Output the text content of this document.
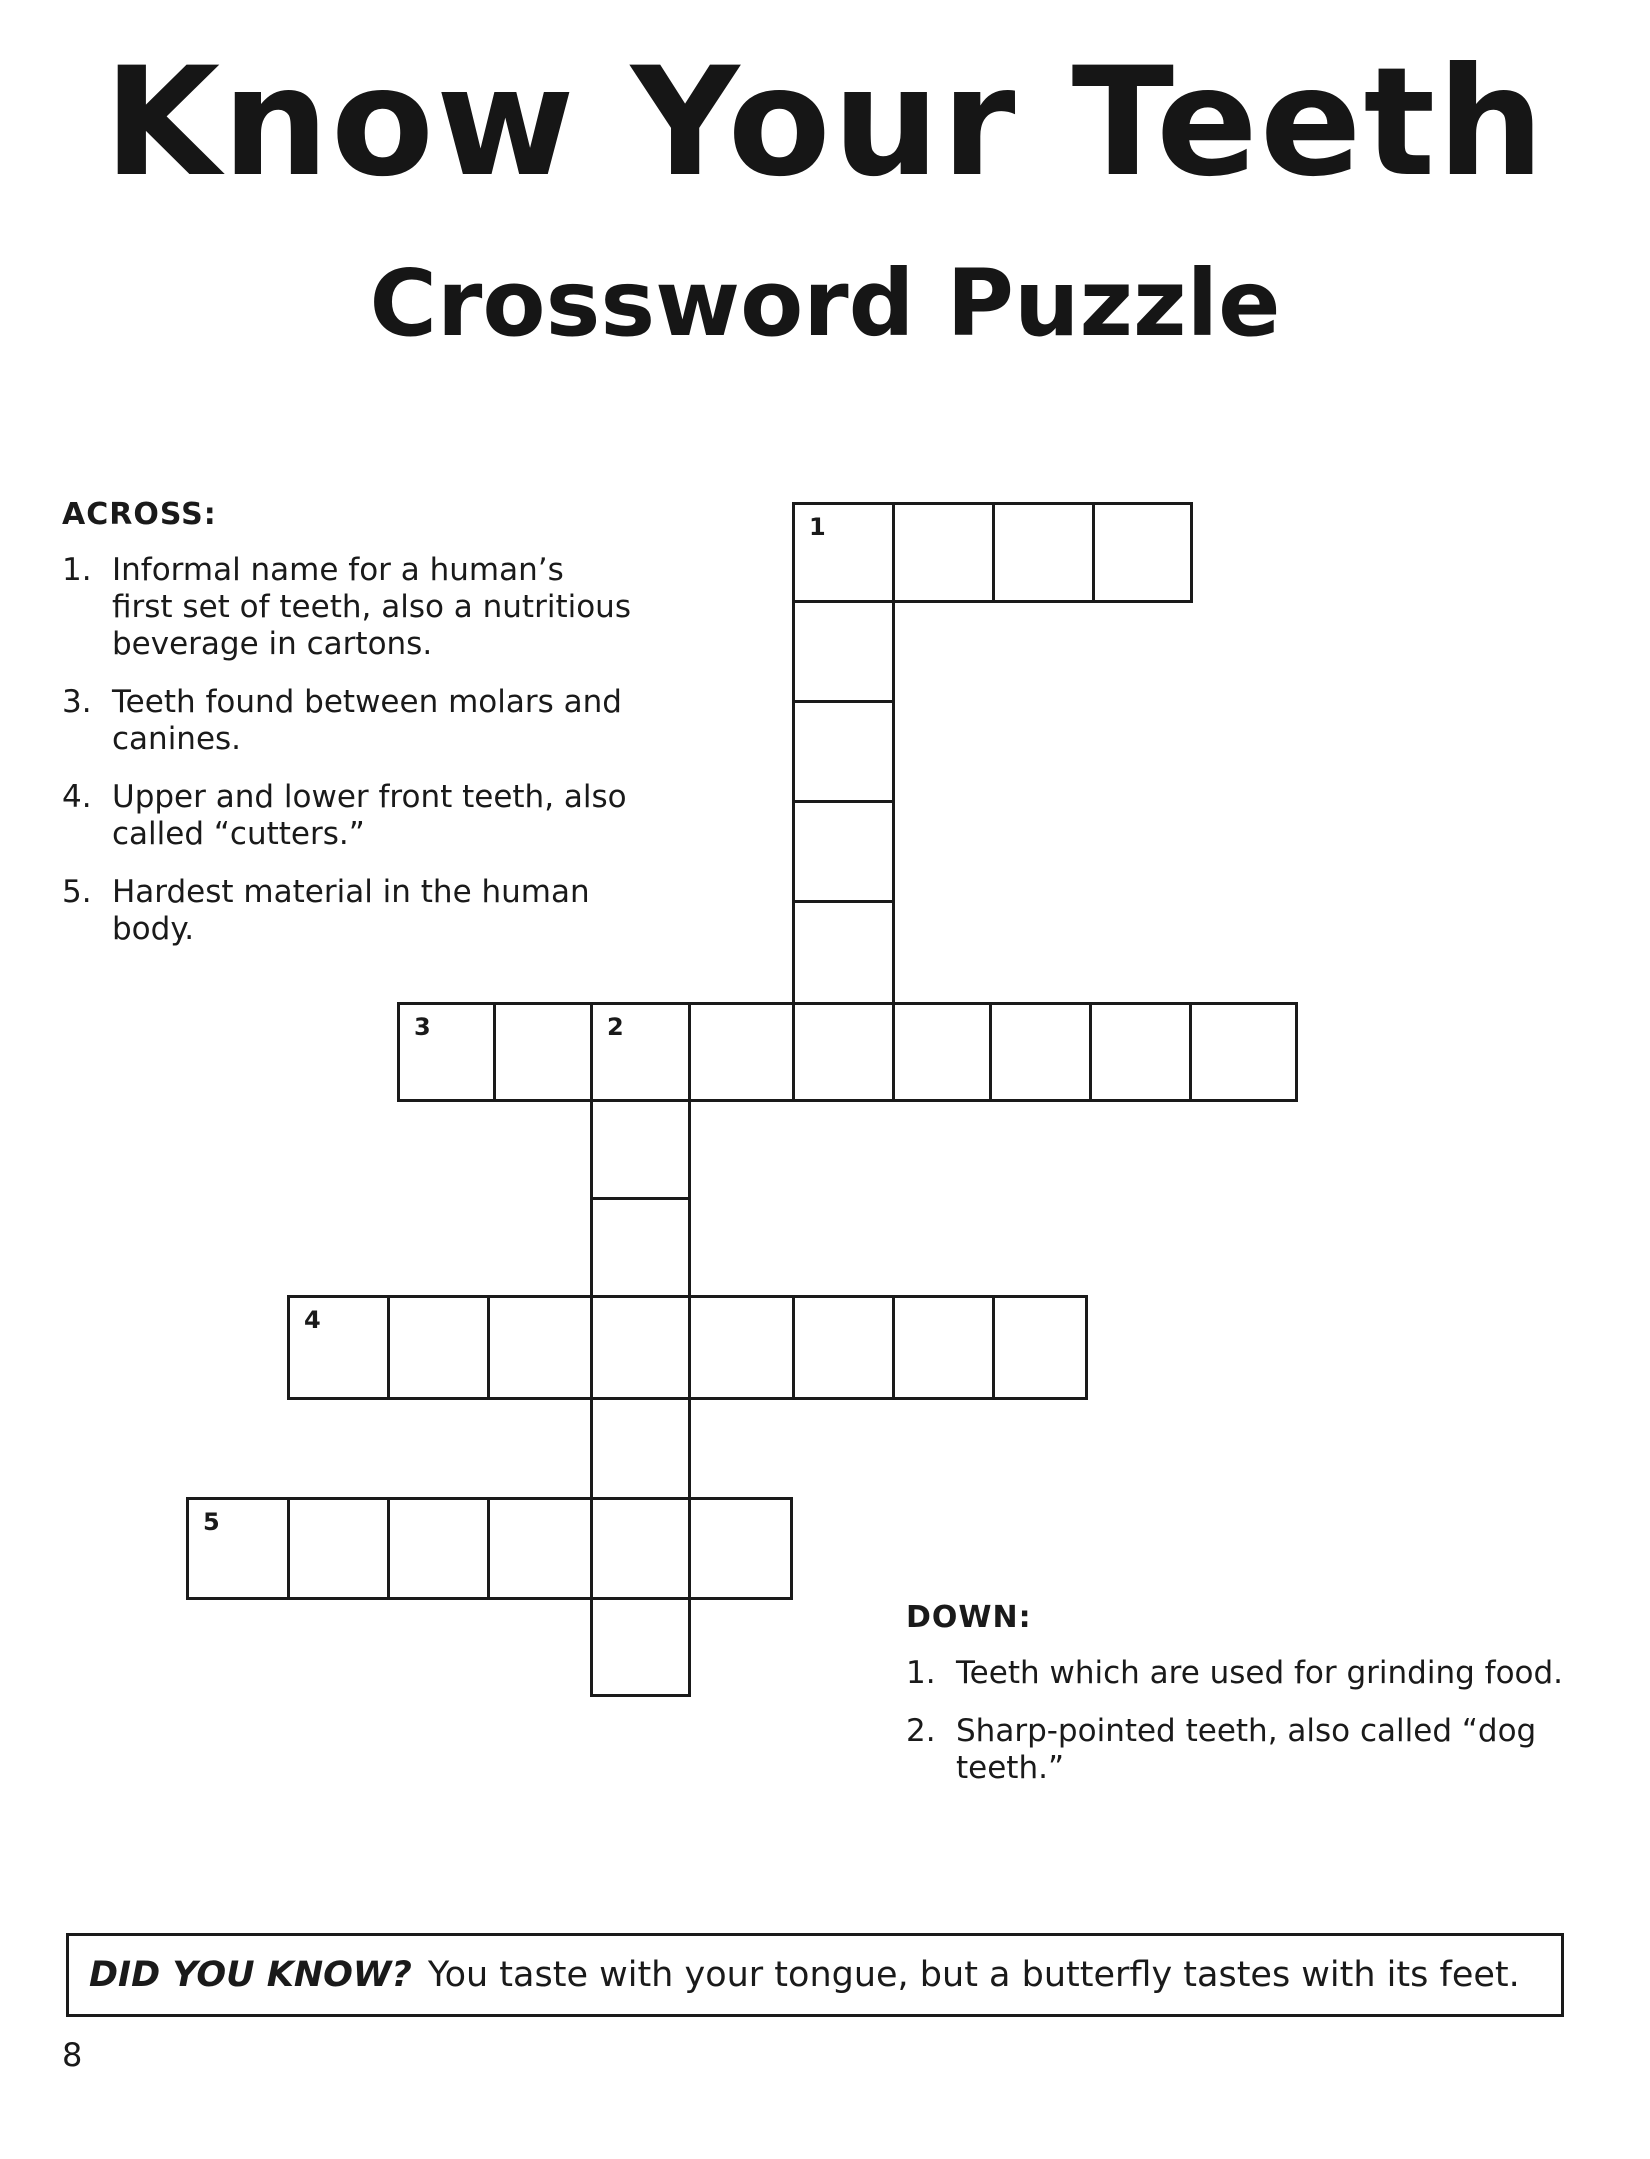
Know Your Teeth
Crossword Puzzle
ACROSS:
1. Informal name for a human’s first set of teeth, also a nutritious beverage in cartons.
3. Teeth found between molars and canines.
4. Upper and lower front teeth, also called “cutters.”
5. Hardest material in the human body.
1
3	2
4
5
DOWN:
1. Teeth which are used for grinding food.
2. Sharp-pointed teeth, also called “dog teeth.”
DID YOU KNOW? You taste with your tongue, but a butterfly tastes with its feet.
8
